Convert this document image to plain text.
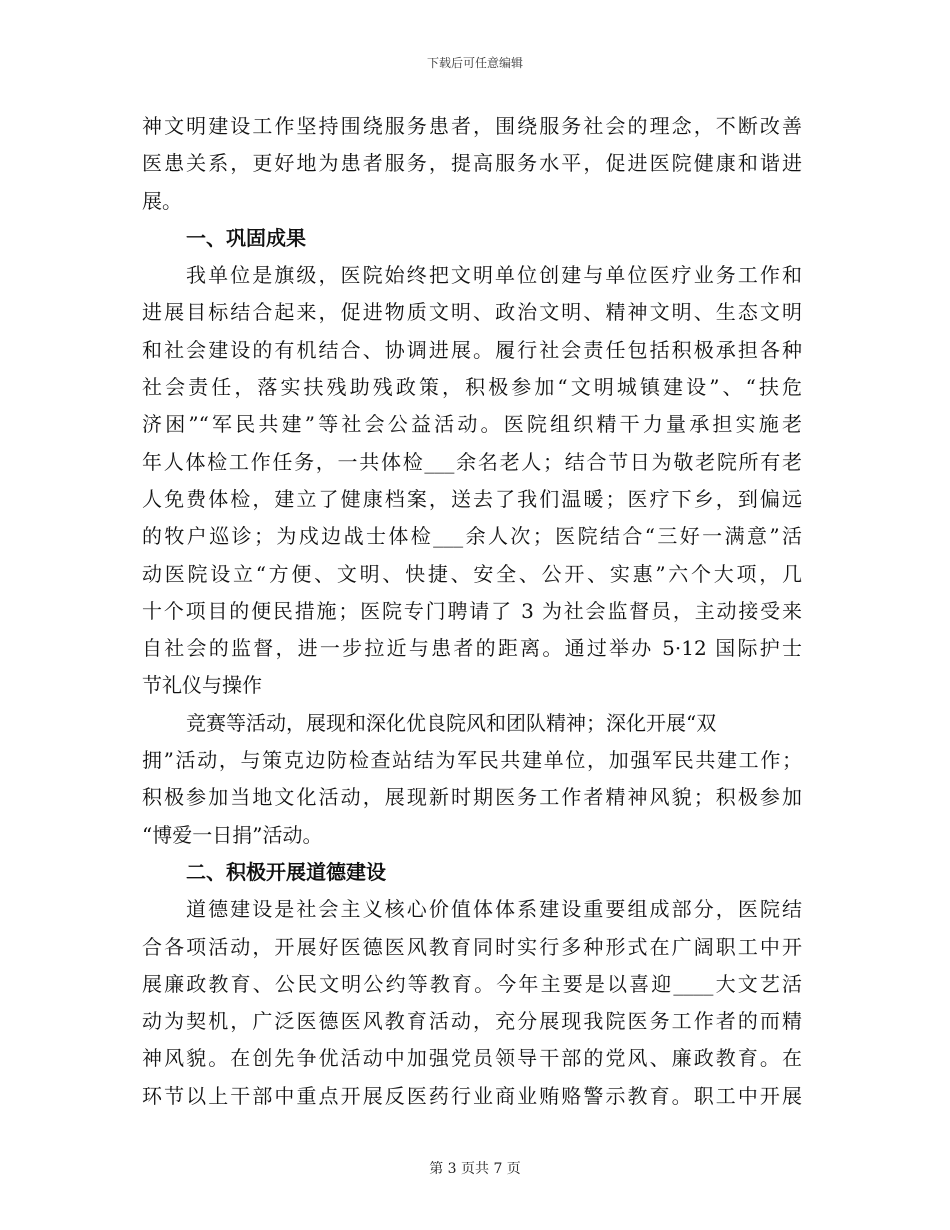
下载后可任意编辑
神文明建设工作坚持围绕服务患者，围绕服务社会的理念，不断改善
医患关系，更好地为患者服务，提高服务水平，促进医院健康和谐进
展。
一、巩固成果
我单位是旗级，医院始终把文明单位创建与单位医疗业务工作和
进展目标结合起来，促进物质文明、政治文明、精神文明、生态文明
和社会建设的有机结合、协调进展。履行社会责任包括积极承担各种
社会责任，落实扶残助残政策，积极参加“文明城镇建设”、“扶危
济困”“军民共建”等社会公益活动。医院组织精干力量承担实施老
年人体检工作任务，一共体检___余名老人；结合节日为敬老院所有老
人免费体检，建立了健康档案，送去了我们温暖；医疗下乡，到偏远
的牧户巡诊；为戍边战士体检___余人次；医院结合“三好一满意”活
动医院设立“方便、文明、快捷、安全、公开、实惠”六个大项，几
十个项目的便民措施；医院专门聘请了 3 为社会监督员，主动接受来
自社会的监督，进一步拉近与患者的距离。通过举办 5·12 国际护士
节礼仪与操作
竞赛等活动，展现和深化优良院风和团队精神；深化开展“双
拥”活动，与策克边防检查站结为军民共建单位，加强军民共建工作；
积极参加当地文化活动，展现新时期医务工作者精神风貌；积极参加
“博爱一日捐”活动。
二、积极开展道德建设
道德建设是社会主义核心价值体体系建设重要组成部分，医院结
合各项活动，开展好医德医风教育同时实行多种形式在广阔职工中开
展廉政教育、公民文明公约等教育。今年主要是以喜迎____大文艺活
动为契机，广泛医德医风教育活动，充分展现我院医务工作者的而精
神风貌。在创先争优活动中加强党员领导干部的党风、廉政教育。在
环节以上干部中重点开展反医药行业商业贿赂警示教育。职工中开展
第 3 页共 7 页
